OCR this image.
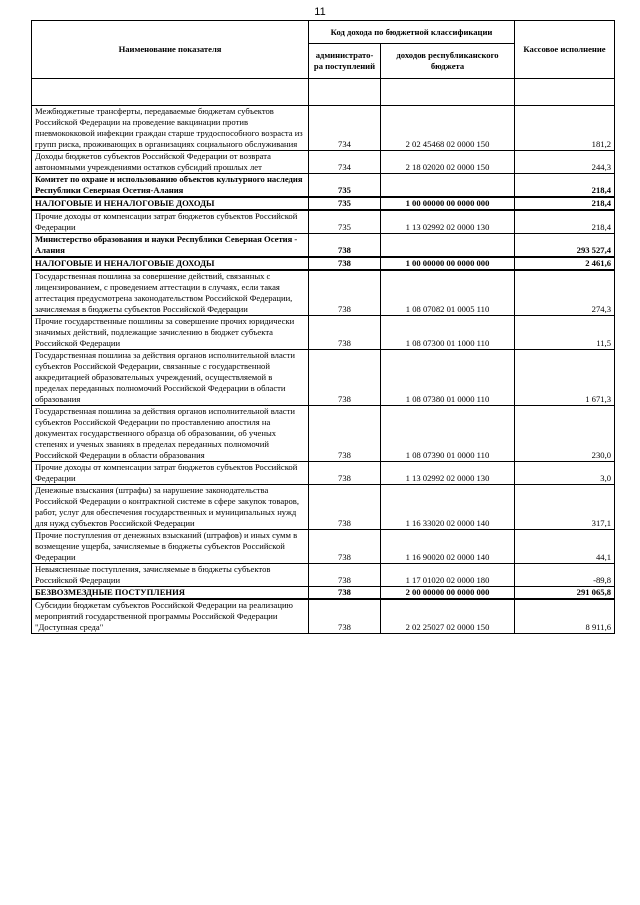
11
Наименование показателя	Код дохода по бюджетной классификации		Кассовое исполнение
	администрато-ра поступлений	доходов республиканского бюджета	

Межбюджетные трансферты, передаваемые бюджетам субъектов Российской Федерации на проведение вакцинации против пневмококковой инфекции граждан старше трудоспособного возраста из групп риска, проживающих в организациях социального обслуживания	734	2 02 45468 02 0000 150	181,2
Доходы бюджетов субъектов Российской Федерации от возврата автономными учреждениями остатков субсидий прошлых лет	734	2 18 02020 02 0000 150	244,3
Комитет по охране и использованию объектов культурного наследия Республики Северная Осетия-Алания	735		218,4
НАЛОГОВЫЕ И НЕНАЛОГОВЫЕ ДОХОДЫ	735	1 00 00000 00 0000 000	218,4
Прочие доходы от компенсации затрат бюджетов субъектов Российской Федерации	735	1 13 02992 02 0000 130	218,4
Министерство образования и науки Республики Северная Осетия - Алания	738		293 527,4
НАЛОГОВЫЕ И НЕНАЛОГОВЫЕ ДОХОДЫ	738	1 00 00000 00 0000 000	2 461,6
Государственная пошлина за совершение действий, связанных с лицензированием, с проведением аттестации в случаях, если такая аттестация предусмотрена законодательством Российской Федерации, зачисляемая в бюджеты субъектов Российской Федерации	738	1 08 07082 01 0005 110	274,3
Прочие государственные пошлины за совершение прочих юридически значимых действий, подлежащие зачислению в бюджет субъекта Российской Федерации	738	1 08 07300 01 1000 110	11,5
Государственная пошлина за действия органов исполнительной власти субъектов Российской Федерации, связанные с государственной аккредитацией образовательных учреждений, осуществляемой в пределах переданных полномочий Российской Федерации в области образования	738	1 08 07380 01 0000 110	1 671,3
Государственная пошлина за действия органов исполнительной власти субъектов Российской Федерации по проставлению апостиля на документах государственного образца об образовании, об ученых степенях и ученых званиях в пределах переданных полномочий Российской Федерации в области образования	738	1 08 07390 01 0000 110	230,0
Прочие доходы от компенсации затрат бюджетов субъектов Российской Федерации	738	1 13 02992 02 0000 130	3,0
Денежные взыскания (штрафы) за нарушение законодательства Российской Федерации о контрактной системе в сфере закупок товаров, работ, услуг для обеспечения государственных и муниципальных нужд для нужд субъектов Российской Федерации	738	1 16 33020 02 0000 140	317,1
Прочие поступления от денежных взысканий (штрафов) и иных сумм в возмещение ущерба, зачисляемые в бюджеты субъектов Российской Федерации	738	1 16 90020 02 0000 140	44,1
Невыясненные поступления, зачисляемые в бюджеты субъектов Российской Федерации	738	1 17 01020 02 0000 180	-89,8
БЕЗВОЗМЕЗДНЫЕ ПОСТУПЛЕНИЯ	738	2 00 00000 00 0000 000	291 065,8
Субсидии бюджетам субъектов Российской Федерации на реализацию мероприятий государственной программы Российской Федерации "Доступная среда"	738	2 02 25027 02 0000 150	8 911,6
